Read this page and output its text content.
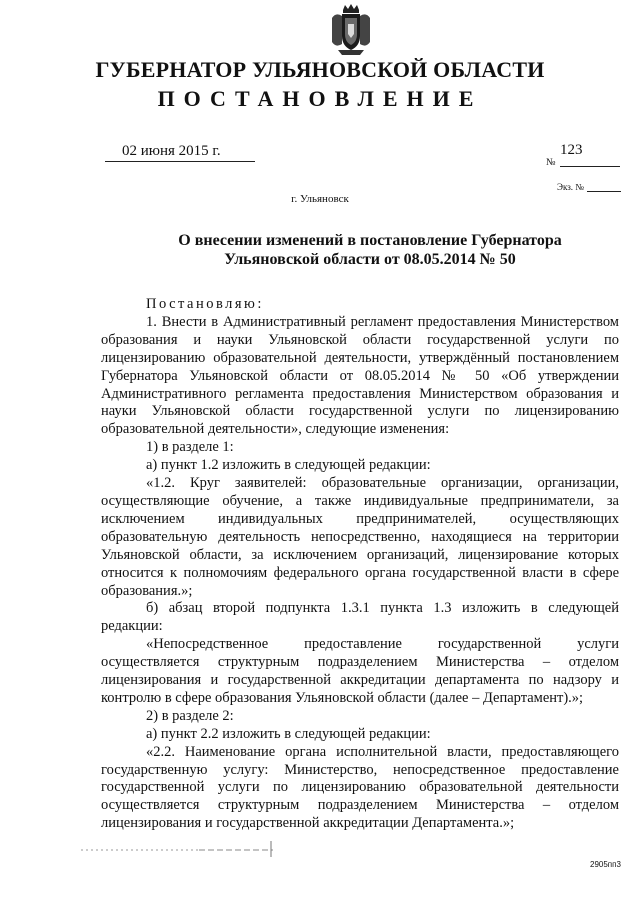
ГУБЕРНАТОР УЛЬЯНОВСКОЙ ОБЛАСТИ
ПОСТАНОВЛЕНИЕ
02 июня 2015 г.	123
№
Экз. №
г. Ульяновск
О внесении изменений в постановление Губернатора
Ульяновской области от 08.05.2014 № 50

Постановляю:

1. Внести в Административный регламент предоставления Министерством образования и науки Ульяновской области государственной услуги по лицензированию образовательной деятельности, утверждённый постановлением Губернатора Ульяновской области от 08.05.2014 № 50 «Об утверждении Административного регламента предоставления Министерством образования и науки Ульяновской области государственной услуги по лицензированию образовательной деятельности», следующие изменения:

1) в разделе 1:

а) пункт 1.2 изложить в следующей редакции:

«1.2. Круг заявителей: образовательные организации, организации, осуществляющие обучение, а также индивидуальные предприниматели, за исключением индивидуальных предпринимателей, осуществляющих образовательную деятельность непосредственно, находящиеся на территории Ульяновской области, за исключением организаций, лицензирование которых относится к полномочиям федерального органа государственной власти в сфере образования.»;

б) абзац второй подпункта 1.3.1 пункта 1.3 изложить в следующей редакции:

«Непосредственное предоставление государственной услуги осуществляется структурным подразделением Министерства – отделом лицензирования и государственной аккредитации департамента по надзору и контролю в сфере образования Ульяновской области (далее – Департамент).»;

2) в разделе 2:

а) пункт 2.2 изложить в следующей редакции:

«2.2. Наименование органа исполнительной власти, предоставляющего государственную услугу: Министерство, непосредственное предоставление государственной услуги по лицензированию образовательной деятельности осуществляется структурным подразделением Министерства – отделом лицензирования и государственной аккредитации Департамента.»;

2905пп3
